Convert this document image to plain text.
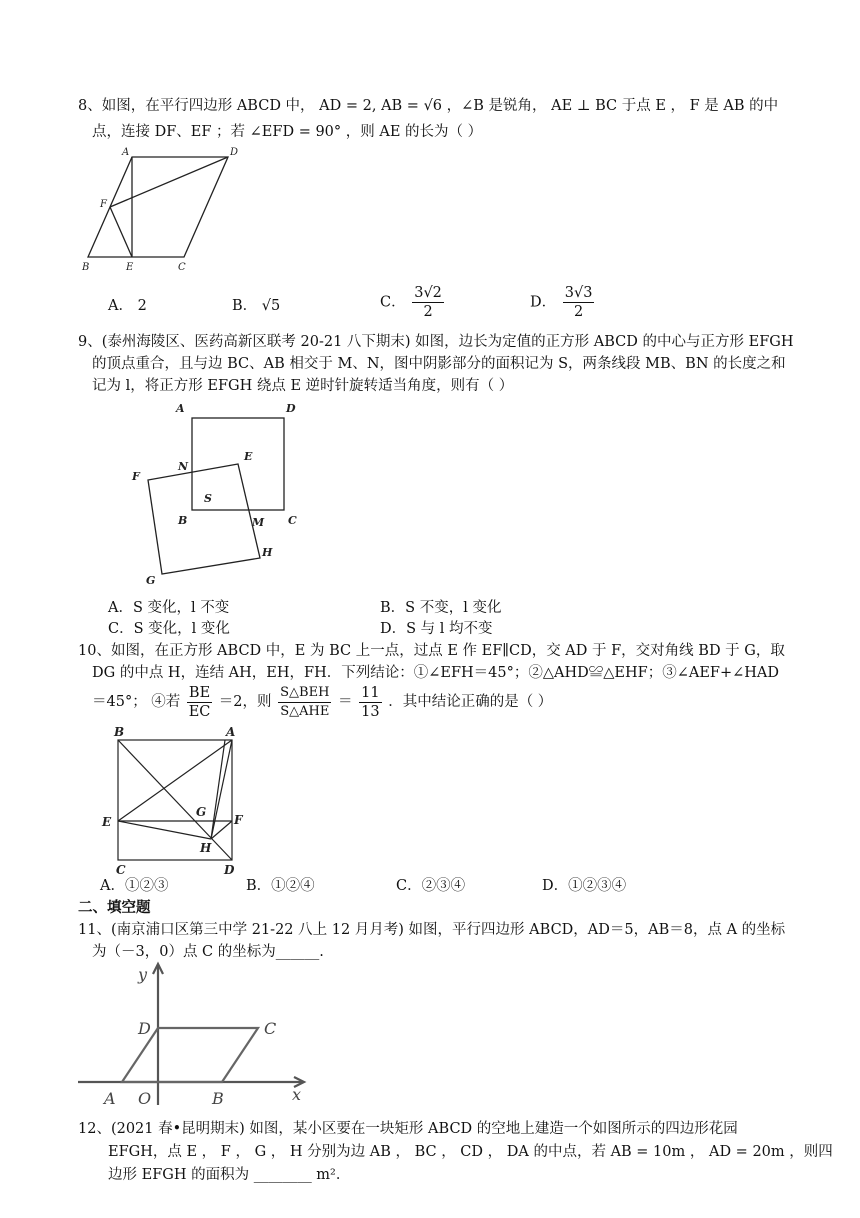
8、如图，在平行四边形 ABCD 中， AD = 2, AB = √6 ，∠B 是锐角， AE ⊥ BC 于点 E ， F 是 AB 的中
点，连接 DF、EF ；若 ∠EFD = 90° ，则 AE 的长为（ ）
A	D
F
B	E	C
A． 2	B． √5	C． $\frac{3√2}{2}$	D． $\frac{3√3}{2}$
9、(泰州海陵区、医药高新区联考 20-21 八下期末) 如图，边长为定值的正方形 ABCD 的中心与正方形 EFGH
的顶点重合，且与边 BC、AB 相交于 M、N，图中阴影部分的面积记为 S，两条线段 MB、BN 的长度之和
记为 l，将正方形 EFGH 绕点 E 逆时针旋转适当角度，则有（ ）
A	D
E
F
N
S
B	M C
H
G
A．S 变化，l 不变	B．S 不变，l 变化
C．S 变化，l 变化	D．S 与 l 均不变
10、如图，在正方形 ABCD 中，E 为 BC 上一点，过点 E 作 EF∥CD，交 AD 于 F，交对角线 BD 于 G，取
DG 的中点 H，连结 AH，EH，FH．下列结论：①∠EFH＝45°；②△AHD≌△EHF；③∠AEF+∠HAD
＝45°； ④若 $\frac{BE}{EC} =2$，则 $\frac{\text{S△BEH}}{\text{S△AHE}} = \frac{11}{13}$ ．其中结论正确的是（ ）
B	A
G
E	F
H
C	D
A．①②③	B．①②④	C．②③④	D．①②③④
二、填空题
11、(南京浦口区第三中学 21-22 八上 12 月月考) 如图，平行四边形 ABCD，AD＝5，AB＝8，点 A 的坐标
为（－3，0）点 C 的坐标为______.
y
x
D	C
A O	B
12、(2021 春•昆明期末) 如图，某小区要在一块矩形 ABCD 的空地上建造一个如图所示的四边形花园
EFGH，点 E ， F ， G ， H 分别为边 AB ， BC ， CD ， DA 的中点，若 AB = 10m ， AD = 20m ，则四
边形 EFGH 的面积为 ________ m²．
